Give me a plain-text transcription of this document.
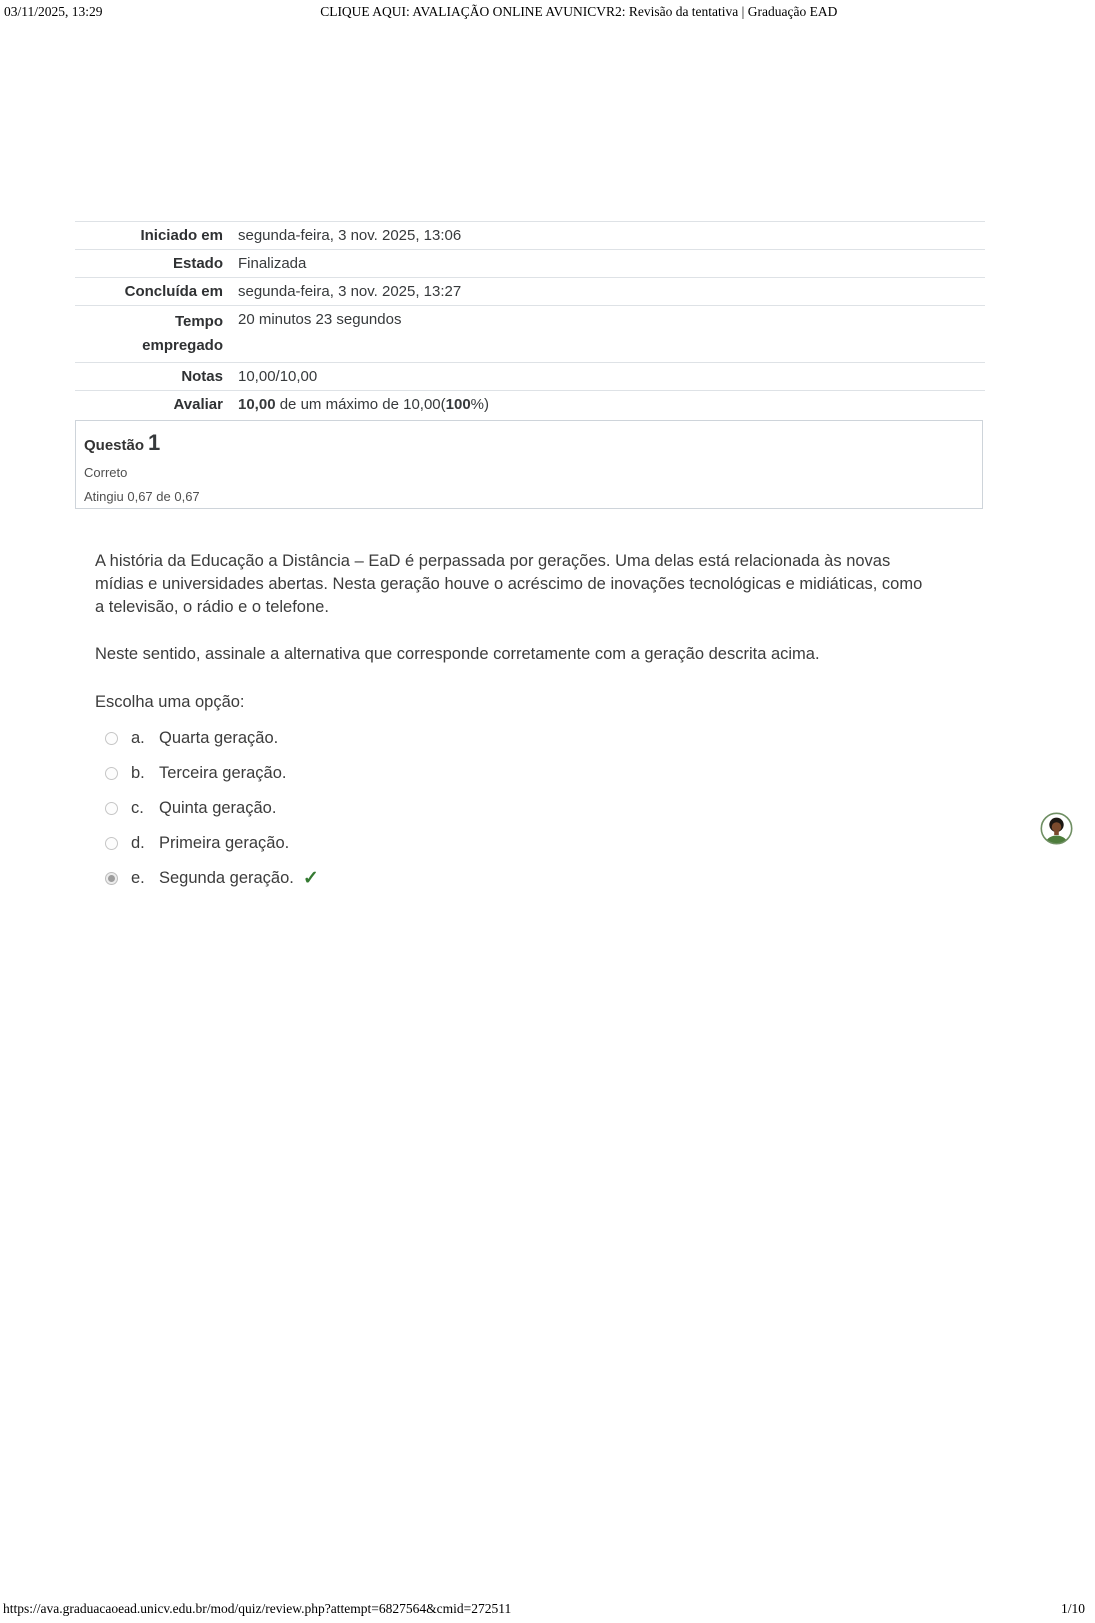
03/11/2025, 13:29	CLIQUE AQUI: AVALIAÇÃO ONLINE AVUNICVR2: Revisão da tentativa | Graduação EAD
Iniciado em segunda-feira, 3 nov. 2025, 13:06
Estado Finalizada
Concluída em segunda-feira, 3 nov. 2025, 13:27
Tempo empregado
20 minutos 23 segundos
Notas 10,00/10,00
Avaliar 10,00 de um máximo de 10,00(100%)
Questão 1
Correto
Atingiu 0,67 de 0,67

A história da Educação a Distância – EaD é perpassada por gerações. Uma delas está relacionada às novas mídias e universidades abertas. Nesta geração houve o acréscimo de inovações tecnológicas e midiáticas, como a televisão, o rádio e o telefone.

Neste sentido, assinale a alternativa que corresponde corretamente com a geração descrita acima.

Escolha uma opção:

a. Quarta geração.
b. Terceira geração.
c. Quinta geração.
d. Primeira geração.
e. Segunda geração. ✓
https://ava.graduacaoead.unicv.edu.br/mod/quiz/review.php?attempt=6827564&cmid=272511	1/10
